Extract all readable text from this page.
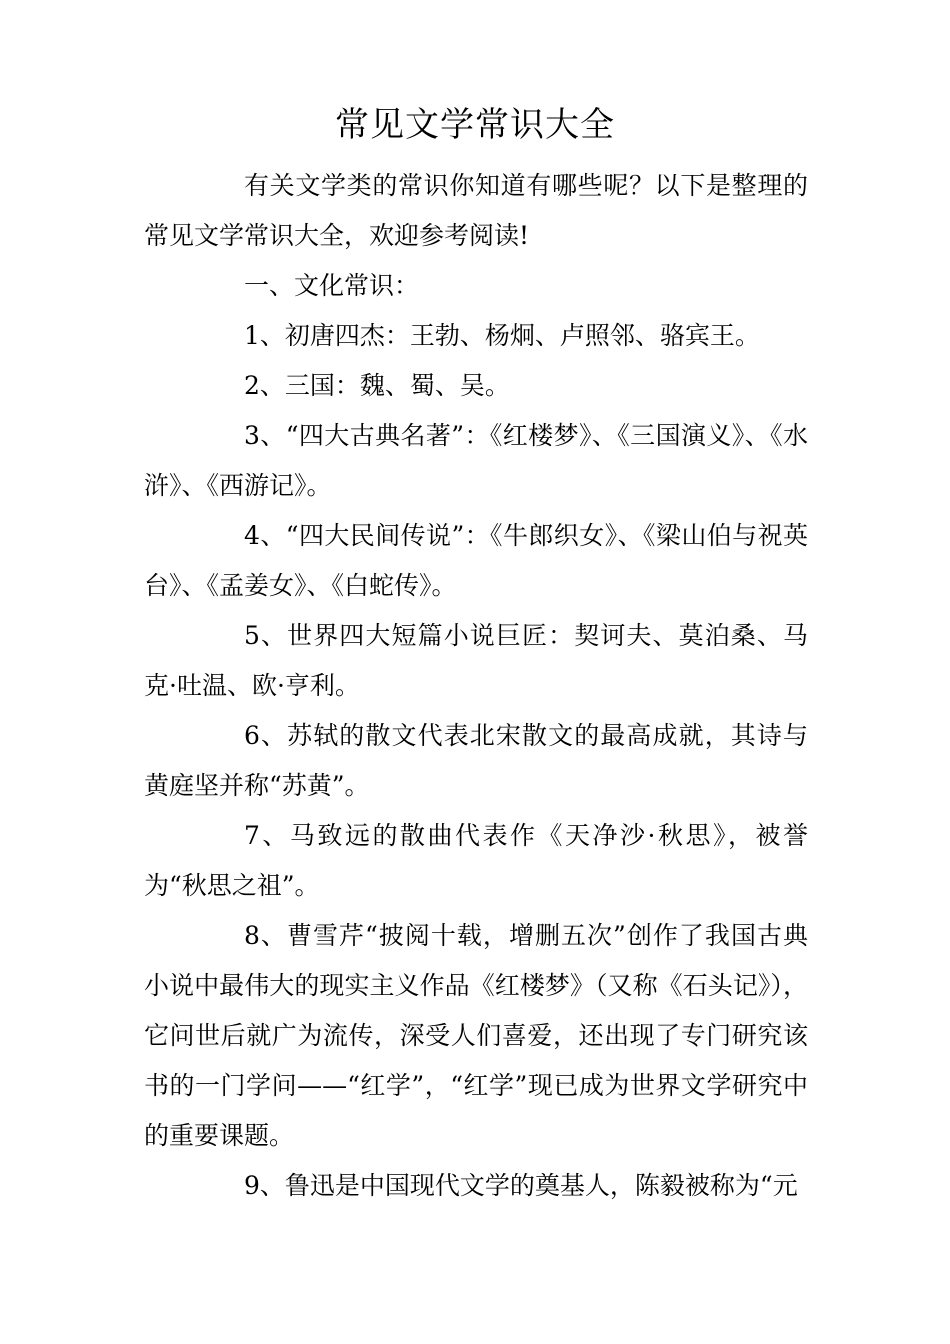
常见文学常识大全

有关文学类的常识你知道有哪些呢？以下是整理的常见文学常识大全，欢迎参考阅读!

一、文化常识：

1、初唐四杰：王勃、杨炯、卢照邻、骆宾王。

2、三国：魏、蜀、吴。

3、“四大古典名著”：《红楼梦》、《三国演义》、《水浒》、《西游记》。

4、“四大民间传说”：《牛郎织女》、《梁山伯与祝英台》、《孟姜女》、《白蛇传》。

5、世界四大短篇小说巨匠：契诃夫、莫泊桑、马克·吐温、欧·亨利。

6、苏轼的散文代表北宋散文的最高成就，其诗与黄庭坚并称“苏黄”。

7、马致远的散曲代表作《天净沙·秋思》，被誉为“秋思之祖”。

8、曹雪芹“披阅十载，增删五次”创作了我国古典小说中最伟大的现实主义作品《红楼梦》（又称《石头记》），它问世后就广为流传，深受人们喜爱，还出现了专门研究该书的一门学问——“红学”，“红学”现已成为世界文学研究中的重要课题。

9、鲁迅是中国现代文学的奠基人，陈毅被称为“元
